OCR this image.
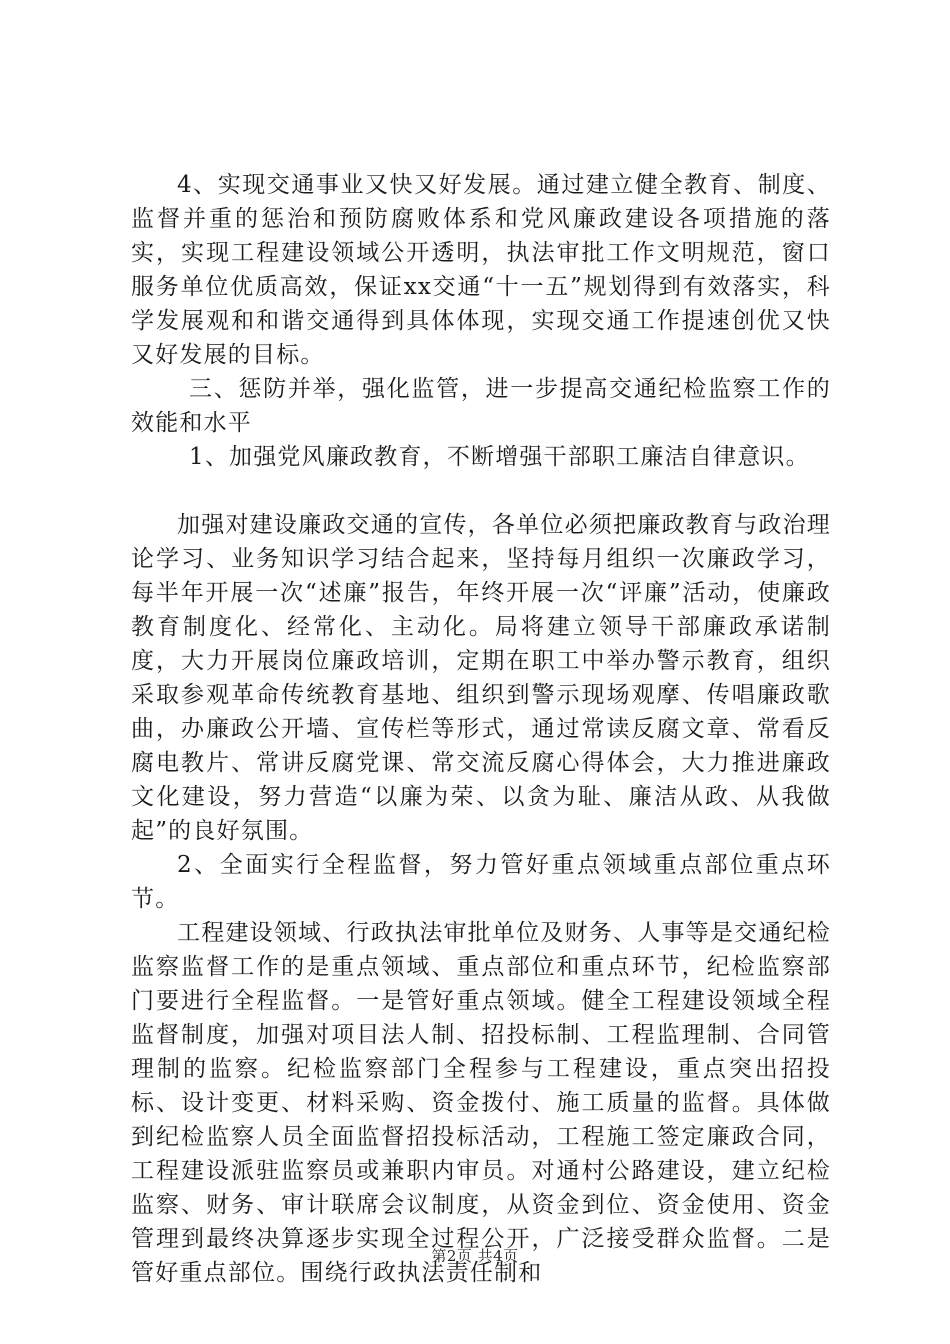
4、实现交通事业又快又好发展。通过建立健全教育、制度、监督并重的惩治和预防腐败体系和党风廉政建设各项措施的落实，实现工程建设领域公开透明，执法审批工作文明规范，窗口服务单位优质高效，保证xx交通“十一五”规划得到有效落实，科学发展观和和谐交通得到具体体现，实现交通工作提速创优又快又好发展的目标。

三、惩防并举，强化监管，进一步提高交通纪检监察工作的效能和水平

1、加强党风廉政教育，不断增强干部职工廉洁自律意识。

加强对建设廉政交通的宣传，各单位必须把廉政教育与政治理论学习、业务知识学习结合起来，坚持每月组织一次廉政学习，每半年开展一次“述廉”报告，年终开展一次“评廉”活动，使廉政教育制度化、经常化、主动化。局将建立领导干部廉政承诺制度，大力开展岗位廉政培训，定期在职工中举办警示教育，组织采取参观革命传统教育基地、组织到警示现场观摩、传唱廉政歌曲，办廉政公开墙、宣传栏等形式，通过常读反腐文章、常看反腐电教片、常讲反腐党课、常交流反腐心得体会，大力推进廉政文化建设，努力营造“以廉为荣、以贪为耻、廉洁从政、从我做起”的良好氛围。

2、全面实行全程监督，努力管好重点领域重点部位重点环节。

工程建设领域、行政执法审批单位及财务、人事等是交通纪检监察监督工作的是重点领域、重点部位和重点环节，纪检监察部门要进行全程监督。一是管好重点领域。健全工程建设领域全程监督制度，加强对项目法人制、招投标制、工程监理制、合同管理制的监察。纪检监察部门全程参与工程建设，重点突出招投标、设计变更、材料采购、资金拨付、施工质量的监督。具体做到纪检监察人员全面监督招投标活动，工程施工签定廉政合同，工程建设派驻监察员或兼职内审员。对通村公路建设，建立纪检监察、财务、审计联席会议制度，从资金到位、资金使用、资金管理到最终决算逐步实现全过程公开，广泛接受群众监督。二是管好重点部位。围绕行政执法责任制和

第2页 共4页
